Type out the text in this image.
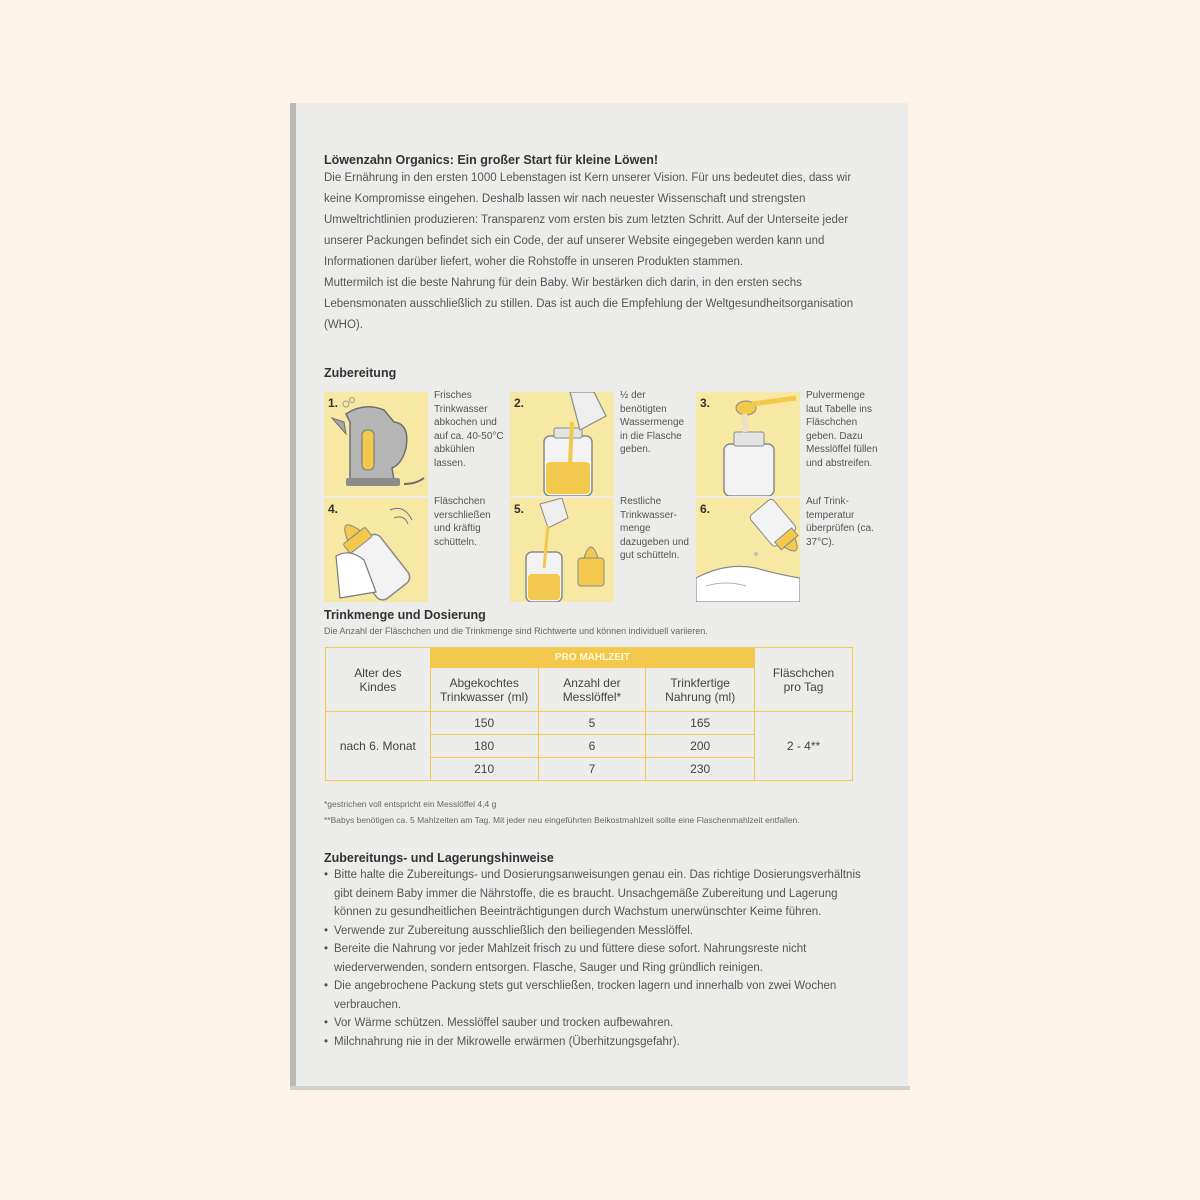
Löwenzahn Organics: Ein großer Start für kleine Löwen!

Die Ernährung in den ersten 1000 Lebenstagen ist Kern unserer Vision. Für uns bedeutet dies, dass wir keine Kompromisse eingehen. Deshalb lassen wir nach neuester Wissenschaft und strengsten Umweltrichtlinien produzieren: Transparenz vom ersten bis zum letzten Schritt. Auf der Unterseite jeder unserer Packungen befindet sich ein Code, der auf unserer Website eingegeben werden kann und Informationen darüber liefert, woher die Rohstoffe in unseren Produkten stammen.

Muttermilch ist die beste Nahrung für dein Baby. Wir bestärken dich darin, in den ersten sechs Lebensmonaten ausschließlich zu stillen. Das ist auch die Empfehlung der Weltgesundheitsorganisation (WHO).

Zubereitung
1.
Frisches Trinkwasser abkochen und auf ca. 40-50°C abkühlen lassen.
2.
½ der benötigten Wassermenge in die Flasche geben.
3.
Pulvermenge laut Tabelle ins Fläschchen geben. Dazu Messlöffel füllen und abstreifen.
4.
Fläschchen verschließen und kräftig schütteln.
5.
Restliche Trinkwasser-menge dazugeben und gut schütteln.
6.
Auf Trink-temperatur überprüfen (ca. 37°C).
Trinkmenge und Dosierung
Die Anzahl der Fläschchen und die Trinkmenge sind Richtwerte und können individuell variieren.
Alter des Kindes	PRO MAHLZEIT			Fläschchen pro Tag
	Abgekochtes Trinkwasser (ml)	Anzahl der Messlöffel*	Trinkfertige Nahrung (ml)	
nach 6. Monat	150	5	165	2 - 4**
	180	6	200	
	210	7	230	
*gestrichen voll entspricht ein Messlöffel 4,4 g
**Babys benötigen ca. 5 Mahlzeiten am Tag. Mit jeder neu eingeführten Beikostmahlzeit sollte eine Flaschenmahlzeit entfallen.
Zubereitungs- und Lagerungshinweise
• Bitte halte die Zubereitungs- und Dosierungsanweisungen genau ein. Das richtige Dosierungsverhältnis gibt deinem Baby immer die Nährstoffe, die es braucht. Unsachgemäße Zubereitung und Lagerung können zu gesundheitlichen Beeinträchtigungen durch Wachstum unerwünschter Keime führen.
• Verwende zur Zubereitung ausschließlich den beiliegenden Messlöffel.
• Bereite die Nahrung vor jeder Mahlzeit frisch zu und füttere diese sofort. Nahrungsreste nicht wiederverwenden, sondern entsorgen. Flasche, Sauger und Ring gründlich reinigen.
• Die angebrochene Packung stets gut verschließen, trocken lagern und innerhalb von zwei Wochen verbrauchen.
• Vor Wärme schützen. Messlöffel sauber und trocken aufbewahren.
• Milchnahrung nie in der Mikrowelle erwärmen (Überhitzungsgefahr).
